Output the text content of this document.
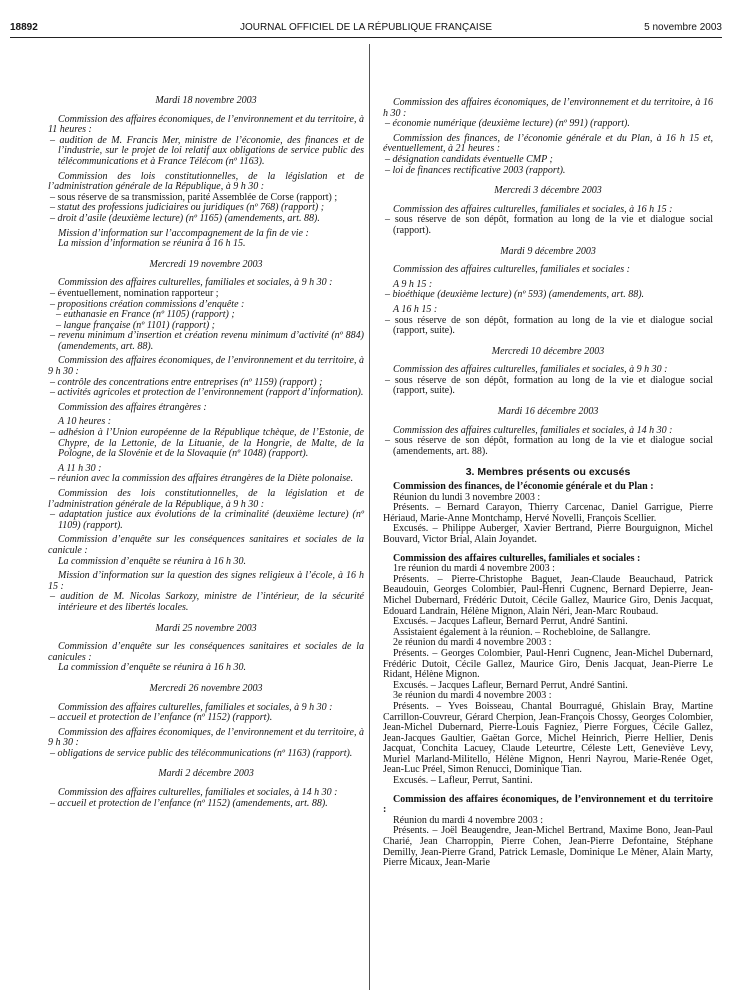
18892	JOURNAL OFFICIEL DE LA RÉPUBLIQUE FRANÇAISE	5 novembre 2003
Mardi 18 novembre 2003
Commission des affaires économiques, de l’environnement et du territoire, à 11 heures :
– audition de M. Francis Mer, ministre de l’économie, des finances et de l’industrie, sur le projet de loi relatif aux obligations de service public des télécommunications et à France Télécom (nº 1163).
Commission des lois constitutionnelles, de la législation et de l’administration générale de la République, à 9 h 30 :
– sous réserve de sa transmission, parité Assemblée de Corse (rapport) ;
– statut des professions judiciaires ou juridiques (nº 768) (rapport) ;
– droit d’asile (deuxième lecture) (nº 1165) (amendements, art. 88).
Mission d’information sur l’accompagnement de la fin de vie :
La mission d’information se réunira à 16 h 15.
Mercredi 19 novembre 2003
Commission des affaires culturelles, familiales et sociales, à 9 h 30 :
– éventuellement, nomination rapporteur ;
– propositions création commissions d’enquête :
– euthanasie en France (nº 1105) (rapport) ;
– langue française (nº 1101) (rapport) ;
– revenu minimum d’insertion et création revenu minimum d’activité (nº 884) (amendements, art. 88).
Commission des affaires économiques, de l’environnement et du territoire, à 9 h 30 :
– contrôle des concentrations entre entreprises (nº 1159) (rapport) ;
– activités agricoles et protection de l’environnement (rapport d’information).
Commission des affaires étrangères :
A 10 heures :
– adhésion à l’Union européenne de la République tchèque, de l’Estonie, de Chypre, de la Lettonie, de la Lituanie, de la Hongrie, de Malte, de la Pologne, de la Slovénie et de la Slovaquie (nº 1048) (rapport).
A 11 h 30 :
– réunion avec la commission des affaires étrangères de la Diète polonaise.
Commission des lois constitutionnelles, de la législation et de l’administration générale de la République, à 9 h 30 :
– adaptation justice aux évolutions de la criminalité (deuxième lecture) (nº 1109) (rapport).
Commission d’enquête sur les conséquences sanitaires et sociales de la canicule :
La commission d’enquête se réunira à 16 h 30.
Mission d’information sur la question des signes religieux à l’école, à 16 h 15 :
– audition de M. Nicolas Sarkozy, ministre de l’intérieur, de la sécurité intérieure et des libertés locales.
Mardi 25 novembre 2003
Commission d’enquête sur les conséquences sanitaires et sociales de la canicules :
La commission d’enquête se réunira à 16 h 30.
Mercredi 26 novembre 2003
Commission des affaires culturelles, familiales et sociales, à 9 h 30 :
– accueil et protection de l’enfance (nº 1152) (rapport).
Commission des affaires économiques, de l’environnement et du territoire, à 9 h 30 :
– obligations de service public des télécommunications (nº 1163) (rapport).
Mardi 2 décembre 2003
Commission des affaires culturelles, familiales et sociales, à 14 h 30 :
– accueil et protection de l’enfance (nº 1152) (amendements, art. 88).
Commission des affaires économiques, de l’environnement et du territoire, à 16 h 30 :
– économie numérique (deuxième lecture) (nº 991) (rapport).
Commission des finances, de l’économie générale et du Plan, à 16 h 15 et, éventuellement, à 21 heures :
– désignation candidats éventuelle CMP ;
– loi de finances rectificative 2003 (rapport).
Mercredi 3 décembre 2003
Commission des affaires culturelles, familiales et sociales, à 16 h 15 :
– sous réserve de son dépôt, formation au long de la vie et dialogue social (rapport).
Mardi 9 décembre 2003
Commission des affaires culturelles, familiales et sociales :
A 9 h 15 :
– bioéthique (deuxième lecture) (nº 593) (amendements, art. 88).
A 16 h 15 :
– sous réserve de son dépôt, formation au long de la vie et dialogue social (rapport, suite).
Mercredi 10 décembre 2003
Commission des affaires culturelles, familiales et sociales, à 9 h 30 :
– sous réserve de son dépôt, formation au long de la vie et dialogue social (rapport, suite).
Mardi 16 décembre 2003
Commission des affaires culturelles, familiales et sociales, à 14 h 30 :
– sous réserve de son dépôt, formation au long de la vie et dialogue social (amendements, art. 88).
3. Membres présents ou excusés
Commission des finances, de l’économie générale et du Plan :
Réunion du lundi 3 novembre 2003 :
Présents. – Bernard Carayon, Thierry Carcenac, Daniel Garrigue, Pierre Hériaud, Marie-Anne Montchamp, Hervé Novelli, François Scellier.
Excusés. – Philippe Auberger, Xavier Bertrand, Pierre Bourguignon, Michel Bouvard, Victor Brial, Alain Joyandet.
Commission des affaires culturelles, familiales et sociales :
1re réunion du mardi 4 novembre 2003 :
Présents. – Pierre-Christophe Baguet, Jean-Claude Beauchaud, Patrick Beaudouin, Georges Colombier, Paul-Henri Cugnenc, Bernard Depierre, Jean-Michel Dubernard, Frédéric Dutoit, Cécile Gallez, Maurice Giro, Denis Jacquat, Edouard Landrain, Hélène Mignon, Alain Néri, Jean-Marc Roubaud.
Excusés. – Jacques Lafleur, Bernard Perrut, André Santini.
Assistaient également à la réunion. – Rochebloine, de Sallangre.
2e réunion du mardi 4 novembre 2003 :
Présents. – Georges Colombier, Paul-Henri Cugnenc, Jean-Michel Dubernard, Frédéric Dutoit, Cécile Gallez, Maurice Giro, Denis Jacquat, Jean-Pierre Le Ridant, Hélène Mignon.
Excusés. – Jacques Lafleur, Bernard Perrut, André Santini.
3e réunion du mardi 4 novembre 2003 :
Présents. – Yves Boisseau, Chantal Bourragué, Ghislain Bray, Martine Carrillon-Couvreur, Gérard Cherpion, Jean-François Chossy, Georges Colombier, Jean-Michel Dubernard, Pierre-Louis Fagniez, Pierre Forgues, Cécile Gallez, Jean-Jacques Gaultier, Gaëtan Gorce, Michel Heinrich, Pierre Hellier, Denis Jacquat, Conchita Lacuey, Claude Leteurtre, Céleste Lett, Geneviève Levy, Muriel Marland-Militello, Hélène Mignon, Henri Nayrou, Marie-Renée Oget, Jean-Luc Préel, Simon Renucci, Dominique Tian.
Excusés. – Lafleur, Perrut, Santini.
Commission des affaires économiques, de l’environnement et du territoire :
Réunion du mardi 4 novembre 2003 :
Présents. – Joël Beaugendre, Jean-Michel Bertrand, Maxime Bono, Jean-Paul Charié, Jean Charroppin, Pierre Cohen, Jean-Pierre Defontaine, Stéphane Demilly, Jean-Pierre Grand, Patrick Lemasle, Dominique Le Mèner, Alain Marty, Pierre Micaux, Jean-Marie
